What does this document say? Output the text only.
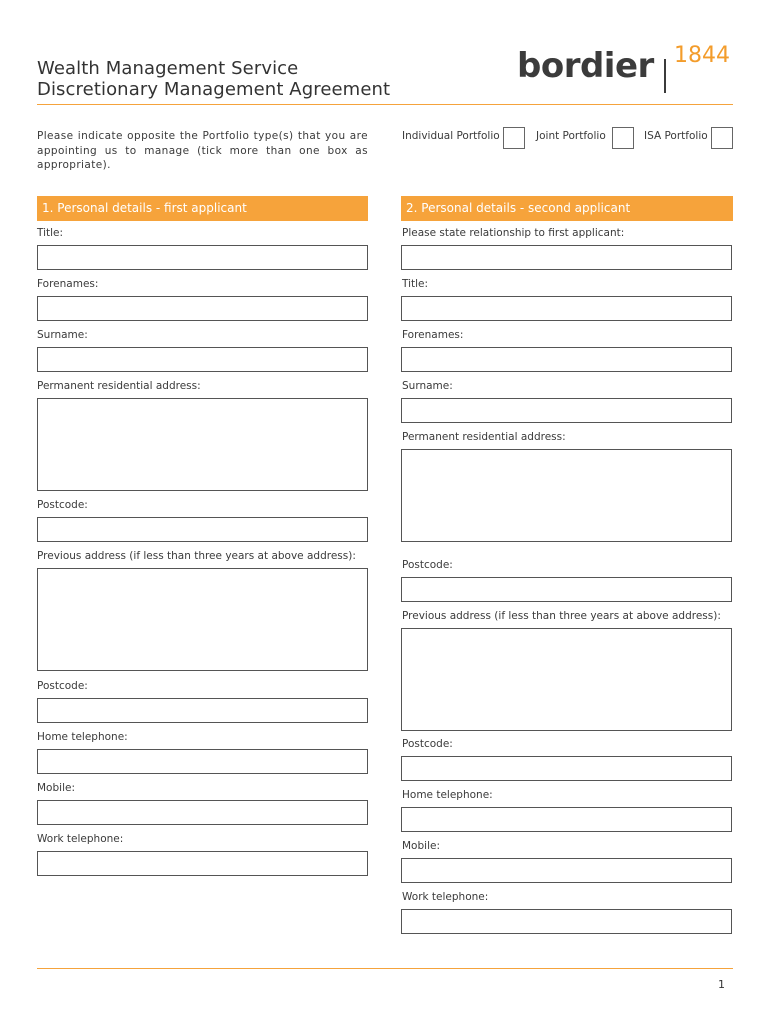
Wealth Management Service
Discretionary Management Agreement
bordier 1844
Please indicate opposite the Portfolio type(s) that you are appointing us to manage (tick more than one box as appropriate).
Individual Portfolio	Joint Portfolio	ISA Portfolio
1. Personal details - first applicant	2. Personal details - second applicant
Title:
Forenames:
Surname:
Permanent residential address:
Postcode:
Previous address (if less than three years at above address):
Postcode:
Home telephone:
Mobile:
Work telephone:
Please state relationship to first applicant:
Title:
Forenames:
Surname:
Permanent residential address:
Postcode:
Previous address (if less than three years at above address):
Postcode:
Home telephone:
Mobile:
Work telephone:
1
